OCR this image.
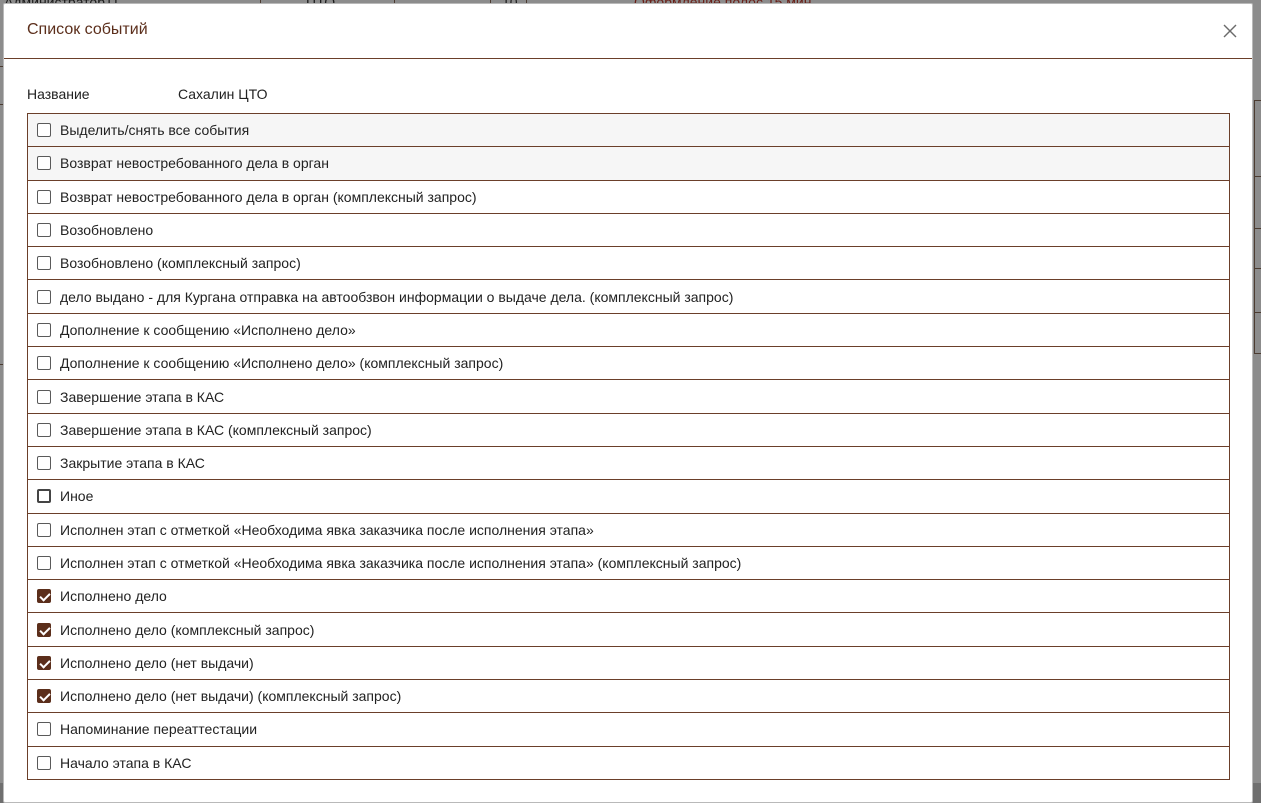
Список событий
Название	Сахалин ЦТО
Выделить/снять все события
Возврат невостребованного дела в орган
Возврат невостребованного дела в орган (комплексный запрос)
Возобновлено
Возобновлено (комплексный запрос)
дело выдано - для Кургана отправка на автообзвон информации о выдаче дела. (комплексный запрос)
Дополнение к сообщению «Исполнено дело»
Дополнение к сообщению «Исполнено дело» (комплексный запрос)
Завершение этапа в КАС
Завершение этапа в КАС (комплексный запрос)
Закрытие этапа в КАС
Иное
Исполнен этап с отметкой «Необходима явка заказчика после исполнения этапа»
Исполнен этап с отметкой «Необходима явка заказчика после исполнения этапа» (комплексный запрос)
Исполнено дело
Исполнено дело (комплексный запрос)
Исполнено дело (нет выдачи)
Исполнено дело (нет выдачи) (комплексный запрос)
Напоминание переаттестации
Начало этапа в КАС
